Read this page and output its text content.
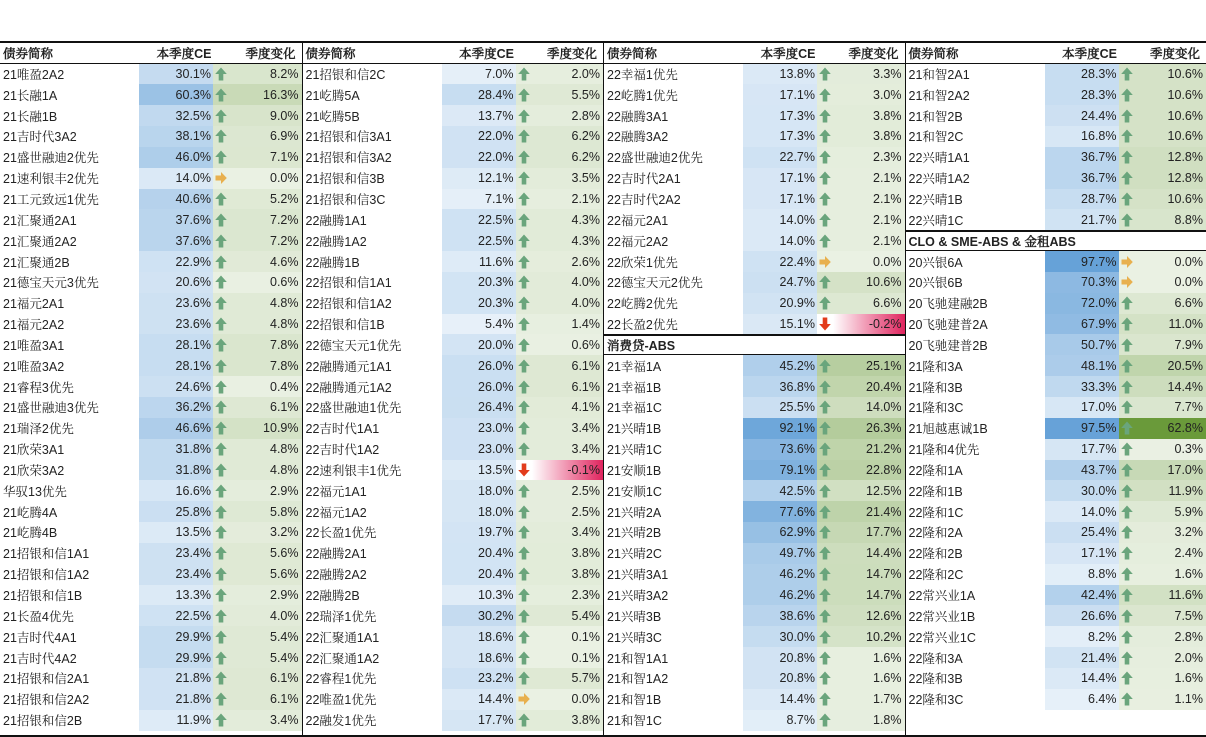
债券简称	本季度CE	季度变化
21唯盈2A2	30.1%	8.2%
21长融1A	60.3%	16.3%
21长融1B	32.5%	9.0%
21吉时代3A2	38.1%	6.9%
21盛世融迪2优先	46.0%	7.1%
21速利银丰2优先	14.0%	0.0%
21工元致远1优先	40.6%	5.2%
21汇聚通2A1	37.6%	7.2%
21汇聚通2A2	37.6%	7.2%
21汇聚通2B	22.9%	4.6%
21德宝天元3优先	20.6%	0.6%
21福元2A1	23.6%	4.8%
21福元2A2	23.6%	4.8%
21唯盈3A1	28.1%	7.8%
21唯盈3A2	28.1%	7.8%
21睿程3优先	24.6%	0.4%
21盛世融迪3优先	36.2%	6.1%
21瑞泽2优先	46.6%	10.9%
21欣荣3A1	31.8%	4.8%
21欣荣3A2	31.8%	4.8%
华驭13优先	16.6%	2.9%
21屹腾4A	25.8%	5.8%
21屹腾4B	13.5%	3.2%
21招银和信1A1	23.4%	5.6%
21招银和信1A2	23.4%	5.6%
21招银和信1B	13.3%	2.9%
21长盈4优先	22.5%	4.0%
21吉时代4A1	29.9%	5.4%
21吉时代4A2	29.9%	5.4%
21招银和信2A1	21.8%	6.1%
21招银和信2A2	21.8%	6.1%
21招银和信2B	11.9%	3.4%
债券简称	本季度CE	季度变化
21招银和信2C	7.0%	2.0%
21屹腾5A	28.4%	5.5%
21屹腾5B	13.7%	2.8%
21招银和信3A1	22.0%	6.2%
21招银和信3A2	22.0%	6.2%
21招银和信3B	12.1%	3.5%
21招银和信3C	7.1%	2.1%
22融腾1A1	22.5%	4.3%
22融腾1A2	22.5%	4.3%
22融腾1B	11.6%	2.6%
22招银和信1A1	20.3%	4.0%
22招银和信1A2	20.3%	4.0%
22招银和信1B	5.4%	1.4%
22德宝天元1优先	20.0%	0.6%
22融腾通元1A1	26.0%	6.1%
22融腾通元1A2	26.0%	6.1%
22盛世融迪1优先	26.4%	4.1%
22吉时代1A1	23.0%	3.4%
22吉时代1A2	23.0%	3.4%
22速利银丰1优先	13.5%	-0.1%
22福元1A1	18.0%	2.5%
22福元1A2	18.0%	2.5%
22长盈1优先	19.7%	3.4%
22融腾2A1	20.4%	3.8%
22融腾2A2	20.4%	3.8%
22融腾2B	10.3%	2.3%
22瑞泽1优先	30.2%	5.4%
22汇聚通1A1	18.6%	0.1%
22汇聚通1A2	18.6%	0.1%
22睿程1优先	23.2%	5.7%
22唯盈1优先	14.4%	0.0%
22融发1优先	17.7%	3.8%
债券简称	本季度CE	季度变化
22幸福1优先	13.8%	3.3%
22屹腾1优先	17.1%	3.0%
22融腾3A1	17.3%	3.8%
22融腾3A2	17.3%	3.8%
22盛世融迪2优先	22.7%	2.3%
22吉时代2A1	17.1%	2.1%
22吉时代2A2	17.1%	2.1%
22福元2A1	14.0%	2.1%
22福元2A2	14.0%	2.1%
22欣荣1优先	22.4%	0.0%
22德宝天元2优先	24.7%	10.6%
22屹腾2优先	20.9%	6.6%
22长盈2优先	15.1%	-0.2%
消费贷-ABS
21幸福1A	45.2%	25.1%
21幸福1B	36.8%	20.4%
21幸福1C	25.5%	14.0%
21兴晴1B	92.1%	26.3%
21兴晴1C	73.6%	21.2%
21安顺1B	79.1%	22.8%
21安顺1C	42.5%	12.5%
21兴晴2A	77.6%	21.4%
21兴晴2B	62.9%	17.7%
21兴晴2C	49.7%	14.4%
21兴晴3A1	46.2%	14.7%
21兴晴3A2	46.2%	14.7%
21兴晴3B	38.6%	12.6%
21兴晴3C	30.0%	10.2%
21和智1A1	20.8%	1.6%
21和智1A2	20.8%	1.6%
21和智1B	14.4%	1.7%
21和智1C	8.7%	1.8%
债券简称	本季度CE	季度变化
21和智2A1	28.3%	10.6%
21和智2A2	28.3%	10.6%
21和智2B	24.4%	10.6%
21和智2C	16.8%	10.6%
22兴晴1A1	36.7%	12.8%
22兴晴1A2	36.7%	12.8%
22兴晴1B	28.7%	10.6%
22兴晴1C	21.7%	8.8%
CLO & SME-ABS & 金租ABS
20兴银6A	97.7%	0.0%
20兴银6B	70.3%	0.0%
20飞驰建融2B	72.0%	6.6%
20飞驰建普2A	67.9%	11.0%
20飞驰建普2B	50.7%	7.9%
21隆和3A	48.1%	20.5%
21隆和3B	33.3%	14.4%
21隆和3C	17.0%	7.7%
21旭越惠诚1B	97.5%	62.8%
21隆和4优先	17.7%	0.3%
22隆和1A	43.7%	17.0%
22隆和1B	30.0%	11.9%
22隆和1C	14.0%	5.9%
22隆和2A	25.4%	3.2%
22隆和2B	17.1%	2.4%
22隆和2C	8.8%	1.6%
22常兴业1A	42.4%	11.6%
22常兴业1B	26.6%	7.5%
22常兴业1C	8.2%	2.8%
22隆和3A	21.4%	2.0%
22隆和3B	14.4%	1.6%
22隆和3C	6.4%	1.1%
